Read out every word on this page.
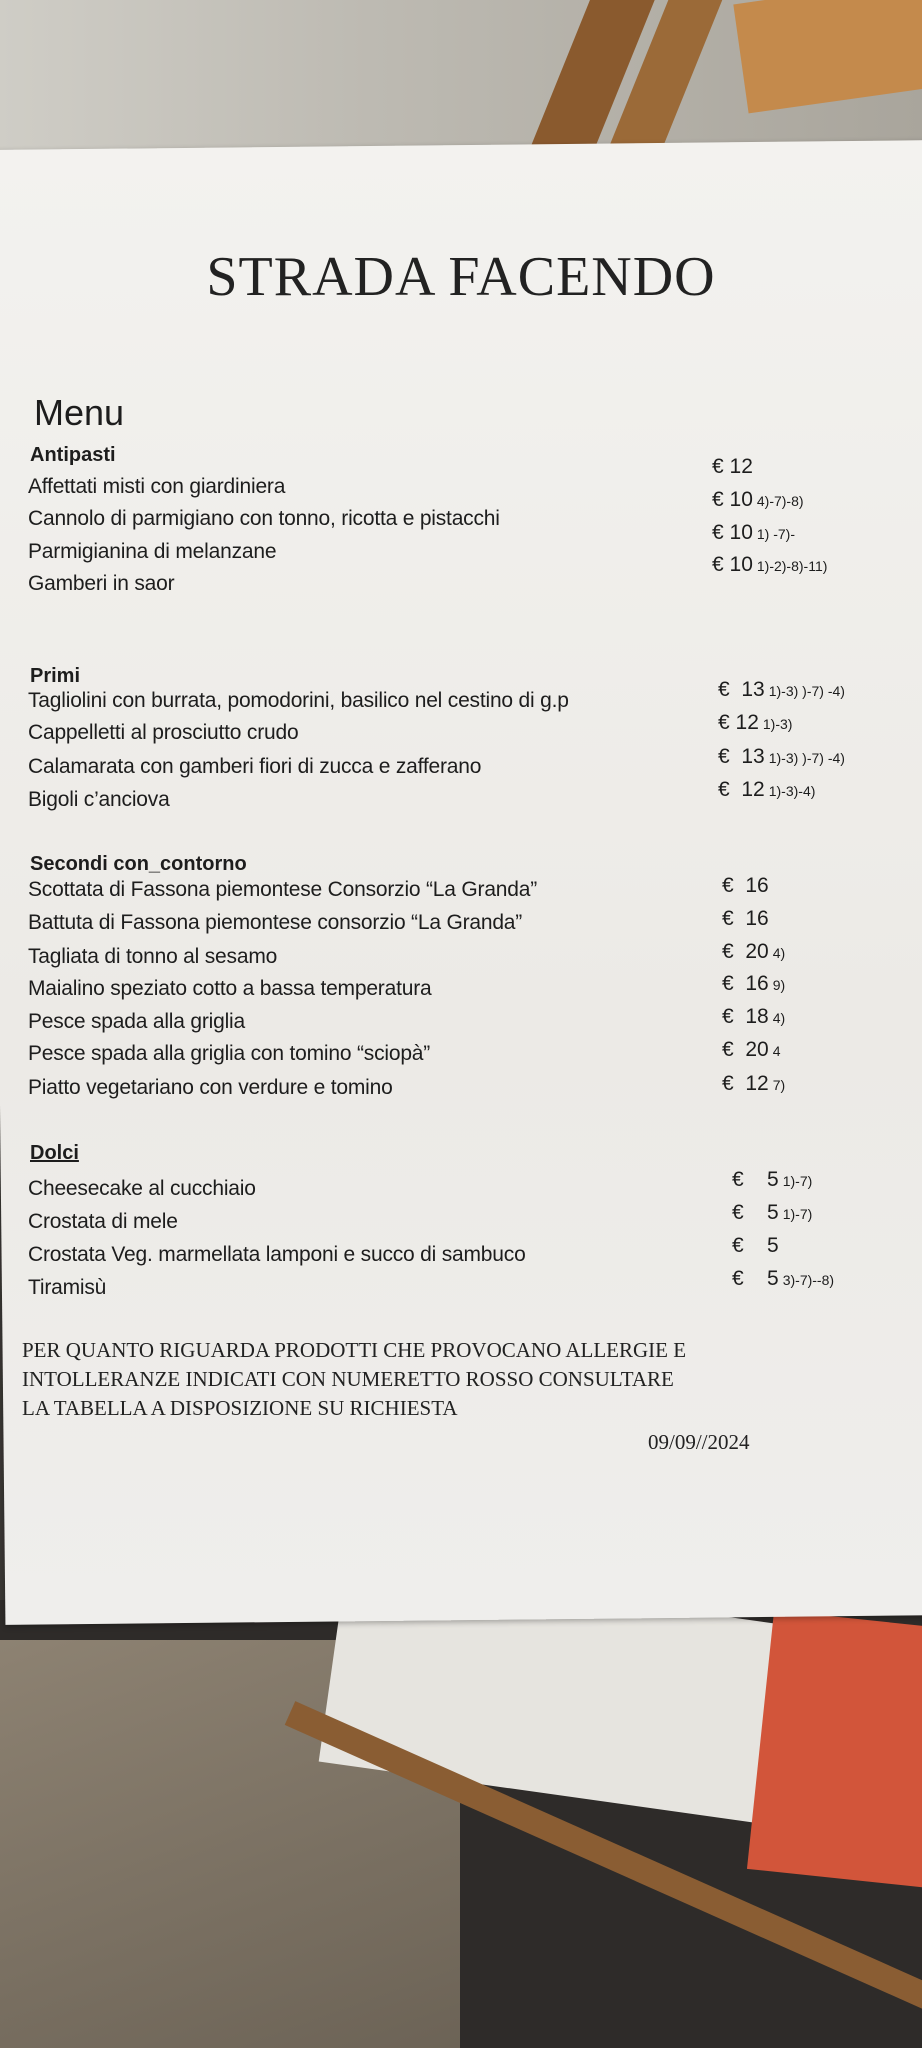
STRADA FACENDO
Menu
Antipasti
Affettati misti con giardiniera
€ 12
Cannolo di parmigiano con tonno, ricotta e pistacchi
€ 10 4)-7)-8)
Parmigianina di melanzane
€ 10 1) -7)-
Gamberi in saor
€ 10 1)-2)-8)-11)
Primi
Tagliolini con burrata, pomodorini, basilico nel cestino di g.p	€  13 1)-3) )-7) -4)
Cappelletti al prosciutto crudo	€ 12 1)-3)
Calamarata con gamberi fiori di zucca e zafferano	€  13 1)-3) )-7) -4)
Bigoli c’anciova	€  12 1)-3)-4)
Secondi con_contorno
Scottata di Fassona piemontese Consorzio “La Granda”	€  16
Battuta di Fassona piemontese consorzio “La Granda”	€  16
Tagliata di tonno al sesamo	€  20 4)
Maialino speziato cotto a bassa temperatura	€  16 9)
Pesce spada alla griglia	€  18 4)
Pesce spada alla griglia con tomino “sciopà”	€  20 4
Piatto vegetariano con verdure e tomino	€  12 7)
Dolci
Cheesecake al cucchiaio	€    5 1)-7)
Crostata di mele	€    5 1)-7)
Crostata Veg. marmellata lamponi e succo di sambuco	€    5
Tiramisù	€    5 3)-7)--8)
PER QUANTO RIGUARDA PRODOTTI CHE PROVOCANO ALLERGIE E
INTOLLERANZE INDICATI CON NUMERETTO ROSSO CONSULTARE
LA TABELLA A DISPOSIZIONE SU RICHIESTA
09/09//2024
